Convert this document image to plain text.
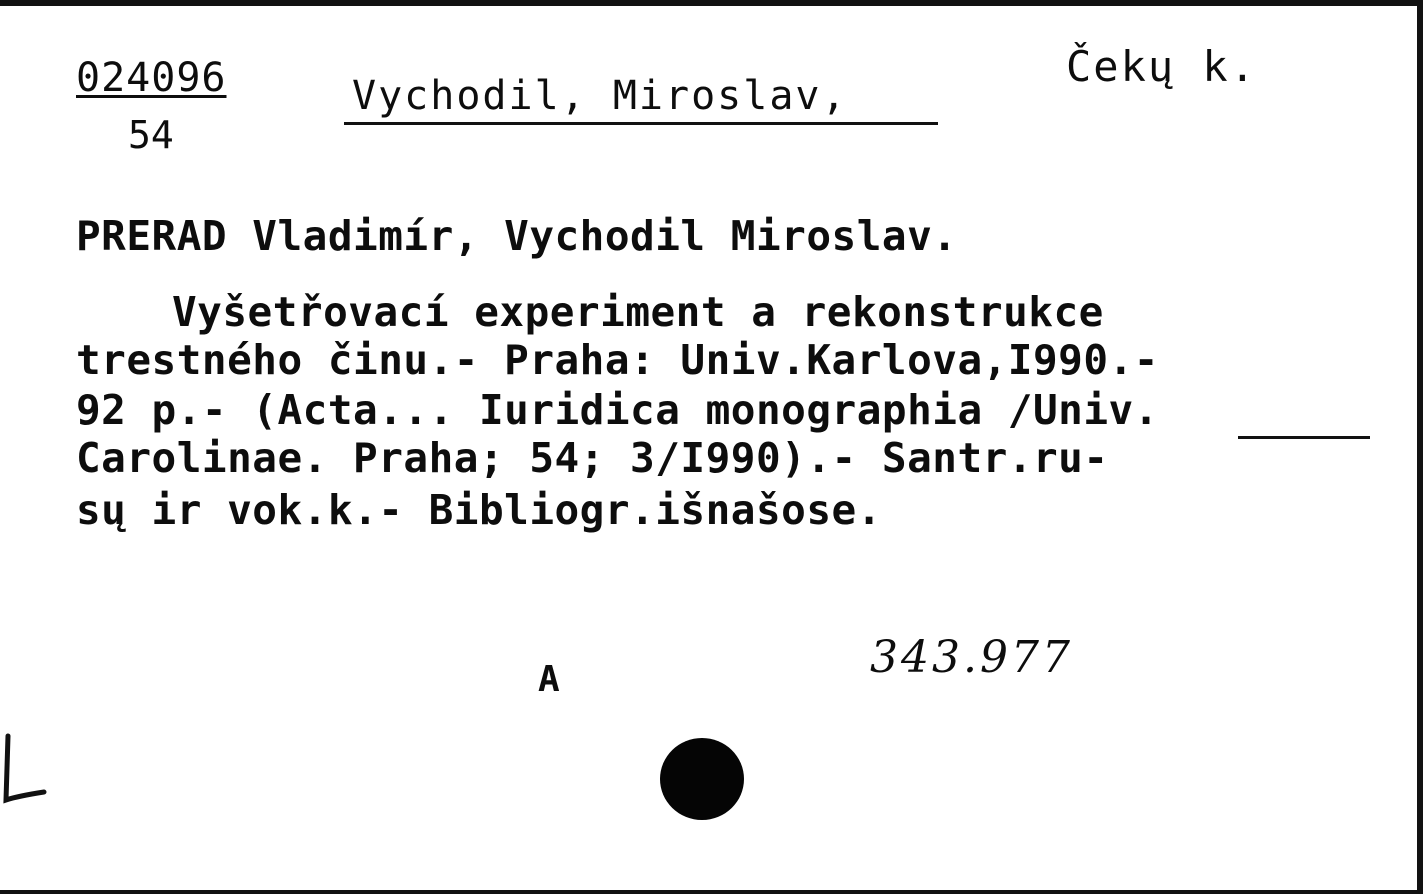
024096
54
Vychodil, Miroslav,
Čekų k.
PRERAD Vladimír, Vychodil Miroslav.
Vyšetřovací experiment a rekonstrukce
trestného činu.- Praha: Univ.Karlova,I990.-
92 p.- (Acta... Iuridica monographia /Univ.
Carolinae. Praha; 54; 3/I990).- Santr.ru-
sų ir vok.k.- Bibliogr.išnašose.
A	343.977
